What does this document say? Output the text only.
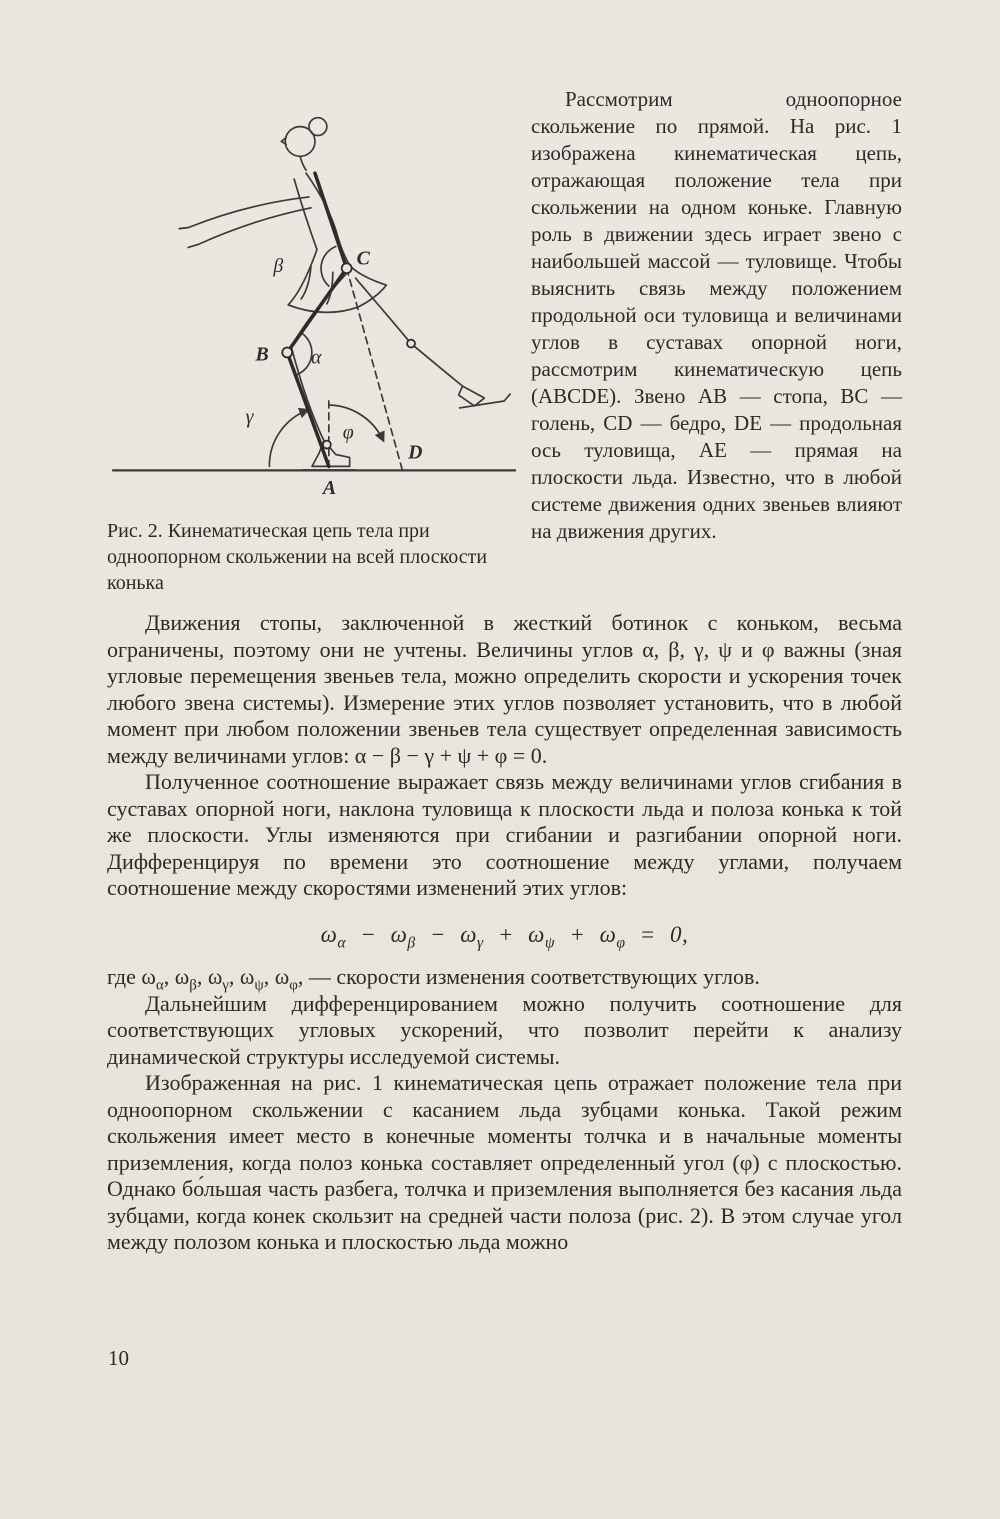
β	C
B α
γ
φ
D
A
Рис. 2. Кинематическая цепь тела при одноопорном скольжении на всей плоскости конька

Рассмотрим одноопорное скольжение по прямой. На рис. 1 изображена кинематическая цепь, отражающая положение тела при скольжении на одном коньке. Главную роль в движении здесь играет звено с наибольшей массой — туловище. Чтобы выяснить связь между положением продольной оси туловища и величинами углов в суставах опорной ноги, рассмотрим кинематическую цепь (ABCDE). Звено AB — стопа, BC — голень, CD — бедро, DE — продольная ось туловища, AE — прямая на плоскости льда. Известно, что в любой системе движения одних звеньев влияют на движения других.

Движения стопы, заключенной в жесткий ботинок с коньком, весьма ограничены, поэтому они не учтены. Величины углов α, β, γ, ψ и φ важны (зная угловые перемещения звеньев тела, можно определить скорости и ускорения точек любого звена системы). Измерение этих углов позволяет установить, что в любой момент при любом положении звеньев тела существует определенная зависимость между величинами углов: α − β − γ + ψ + φ = 0.

Полученное соотношение выражает связь между величинами углов сгибания в суставах опорной ноги, наклона туловища к плоскости льда и полоза конька к той же плоскости. Углы изменяются при сгибании и разгибании опорной ноги. Дифференцируя по времени это соотношение между углами, получаем соотношение между скоростями изменений этих углов:

$\omega_\alpha - \omega_\beta - \omega_\gamma + \omega_\psi + \omega_\varphi = 0$,

где $\omega_\alpha$, $\omega_\beta$, $\omega_\gamma$, $\omega_\psi$, $\omega_\varphi$, — скорости изменения соответствующих углов.

Дальнейшим дифференцированием можно получить соотношение для соответствующих угловых ускорений, что позволит перейти к анализу динамической структуры исследуемой системы.

Изображенная на рис. 1 кинематическая цепь отражает положение тела при одноопорном скольжении с касанием льда зубцами конька. Такой режим скольжения имеет место в конечные моменты толчка и в начальные моменты приземления, когда полоз конька составляет определенный угол (φ) с плоскостью. Однако бо́льшая часть разбега, толчка и приземления выполняется без касания льда зубцами, когда конек скользит на средней части полоза (рис. 2). В этом случае угол между полозом конька и плоскостью льда можно

10
